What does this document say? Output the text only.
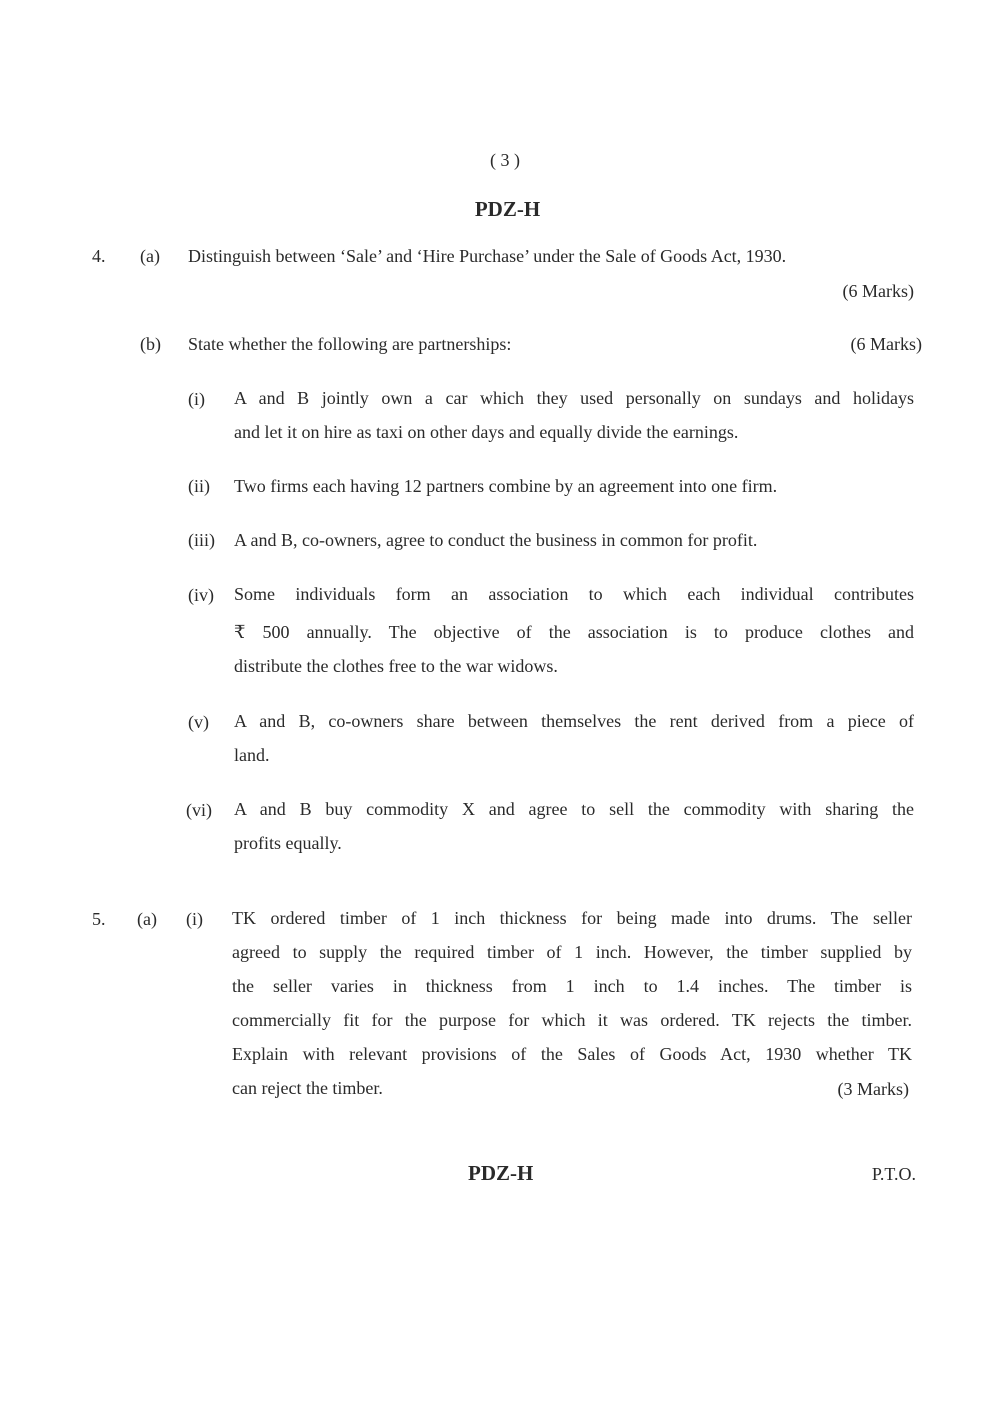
( 3 )
PDZ-H
4. (a) Distinguish between ‘Sale’ and ‘Hire Purchase’ under the Sale of Goods Act, 1930.
(6 Marks)
(b) State whether the following are partnerships:	(6 Marks)
(i) A and B jointly own a car which they used personally on sundays and holidays
and let it on hire as taxi on other days and equally divide the earnings.
(ii) Two firms each having 12 partners combine by an agreement into one firm.
(iii) A and B, co-owners, agree to conduct the business in common for profit.
(iv) Some individuals form an association to which each individual contributes
₹ 500 annually. The objective of the association is to produce clothes and
distribute the clothes free to the war widows.
(v) A and B, co-owners share between themselves the rent derived from a piece of
land.
(vi) A and B buy commodity X and agree to sell the commodity with sharing the
profits equally.
5. (a) (i) TK ordered timber of 1 inch thickness for being made into drums. The seller
agreed to supply the required timber of 1 inch. However, the timber supplied by
the seller varies in thickness from 1 inch to 1.4 inches. The timber is
commercially fit for the purpose for which it was ordered. TK rejects the timber.
Explain with relevant provisions of the Sales of Goods Act, 1930 whether TK
can reject the timber.	(3 Marks)
PDZ-H	P.T.O.
